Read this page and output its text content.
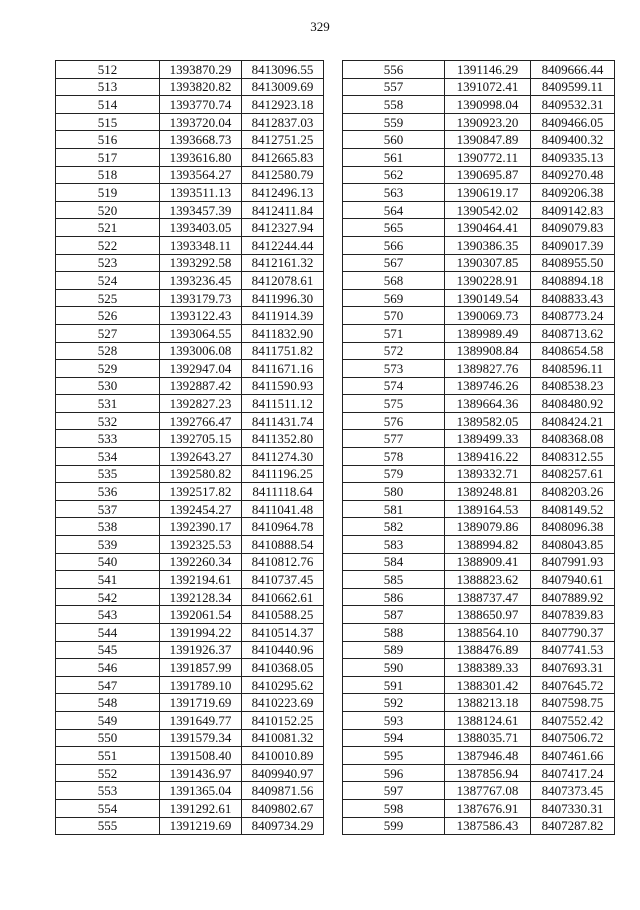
329
512	1393870.29	8413096.55
513	1393820.82	8413009.69
514	1393770.74	8412923.18
515	1393720.04	8412837.03
516	1393668.73	8412751.25
517	1393616.80	8412665.83
518	1393564.27	8412580.79
519	1393511.13	8412496.13
520	1393457.39	8412411.84
521	1393403.05	8412327.94
522	1393348.11	8412244.44
523	1393292.58	8412161.32
524	1393236.45	8412078.61
525	1393179.73	8411996.30
526	1393122.43	8411914.39
527	1393064.55	8411832.90
528	1393006.08	8411751.82
529	1392947.04	8411671.16
530	1392887.42	8411590.93
531	1392827.23	8411511.12
532	1392766.47	8411431.74
533	1392705.15	8411352.80
534	1392643.27	8411274.30
535	1392580.82	8411196.25
536	1392517.82	8411118.64
537	1392454.27	8411041.48
538	1392390.17	8410964.78
539	1392325.53	8410888.54
540	1392260.34	8410812.76
541	1392194.61	8410737.45
542	1392128.34	8410662.61
543	1392061.54	8410588.25
544	1391994.22	8410514.37
545	1391926.37	8410440.96
546	1391857.99	8410368.05
547	1391789.10	8410295.62
548	1391719.69	8410223.69
549	1391649.77	8410152.25
550	1391579.34	8410081.32
551	1391508.40	8410010.89
552	1391436.97	8409940.97
553	1391365.04	8409871.56
554	1391292.61	8409802.67
555	1391219.69	8409734.29
556	1391146.29	8409666.44
557	1391072.41	8409599.11
558	1390998.04	8409532.31
559	1390923.20	8409466.05
560	1390847.89	8409400.32
561	1390772.11	8409335.13
562	1390695.87	8409270.48
563	1390619.17	8409206.38
564	1390542.02	8409142.83
565	1390464.41	8409079.83
566	1390386.35	8409017.39
567	1390307.85	8408955.50
568	1390228.91	8408894.18
569	1390149.54	8408833.43
570	1390069.73	8408773.24
571	1389989.49	8408713.62
572	1389908.84	8408654.58
573	1389827.76	8408596.11
574	1389746.26	8408538.23
575	1389664.36	8408480.92
576	1389582.05	8408424.21
577	1389499.33	8408368.08
578	1389416.22	8408312.55
579	1389332.71	8408257.61
580	1389248.81	8408203.26
581	1389164.53	8408149.52
582	1389079.86	8408096.38
583	1388994.82	8408043.85
584	1388909.41	8407991.93
585	1388823.62	8407940.61
586	1388737.47	8407889.92
587	1388650.97	8407839.83
588	1388564.10	8407790.37
589	1388476.89	8407741.53
590	1388389.33	8407693.31
591	1388301.42	8407645.72
592	1388213.18	8407598.75
593	1388124.61	8407552.42
594	1388035.71	8407506.72
595	1387946.48	8407461.66
596	1387856.94	8407417.24
597	1387767.08	8407373.45
598	1387676.91	8407330.31
599	1387586.43	8407287.82
